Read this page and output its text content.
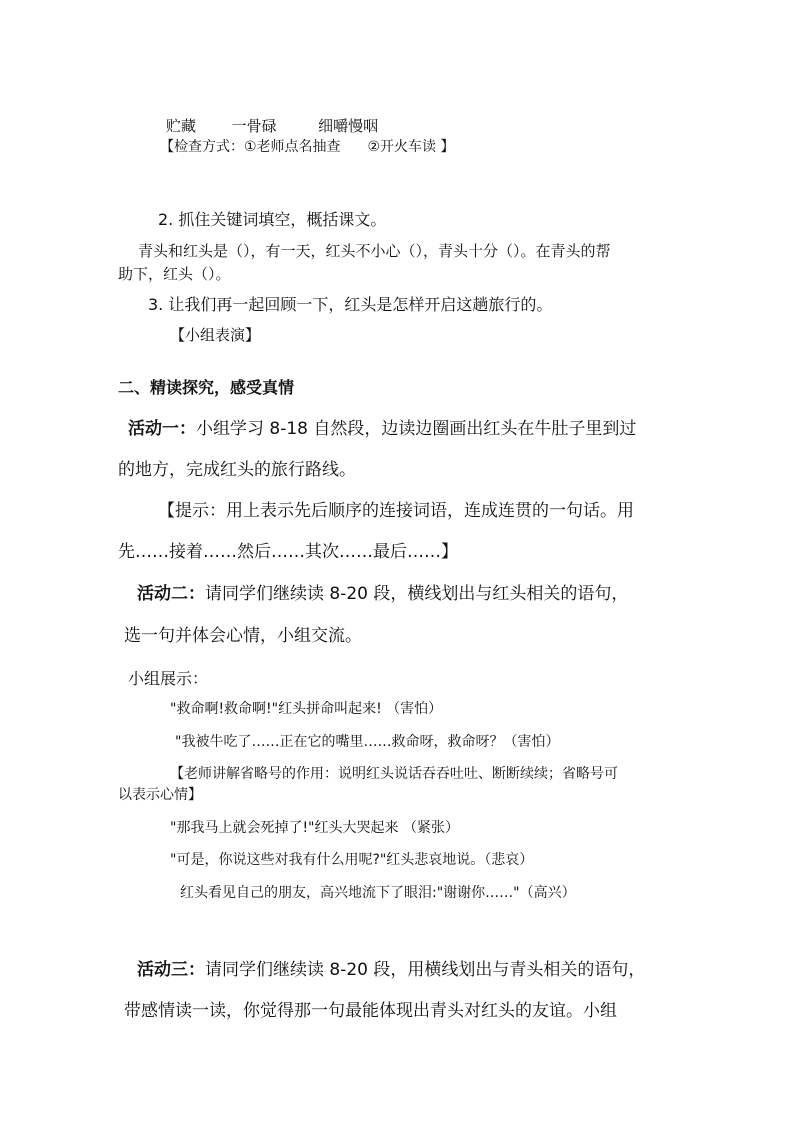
贮藏 一骨碌	细嚼慢咽
【检查方式：①老师点名抽查 ②开火车读 】
2. 抓住关键词填空，概括课文。
青头和红头是（），有一天，红头不小心（），青头十分（）。在青头的帮
助下，红头（）。
3. 让我们再一起回顾一下，红头是怎样开启这趟旅行的。
【小组表演】
二、精读探究，感受真情
活动一：小组学习 8-18 自然段，边读边圈画出红头在牛肚子里到过
的地方，完成红头的旅行路线。
【提示：用上表示先后顺序的连接词语，连成连贯的一句话。用
先……接着……然后……其次……最后……】
活动二：请同学们继续读 8-20 段，横线划出与红头相关的语句，
选一句并体会心情，小组交流。
小组展示：
"救命啊!救命啊!"红头拼命叫起来! （害怕）
"我被牛吃了……正在它的嘴里……救命呀，救命呀？（害怕）
【老师讲解省略号的作用：说明红头说话吞吞吐吐、断断续续；省略号可
以表示心情】
"那我马上就会死掉了!"红头大哭起来 （紧张）
"可是，你说这些对我有什么用呢?"红头悲哀地说。（悲哀）
红头看见自己的朋友，高兴地流下了眼泪:"谢谢你……"（高兴）
活动三：请同学们继续读 8-20 段，用横线划出与青头相关的语句，
带感情读一读，你觉得那一句最能体现出青头对红头的友谊。小组
